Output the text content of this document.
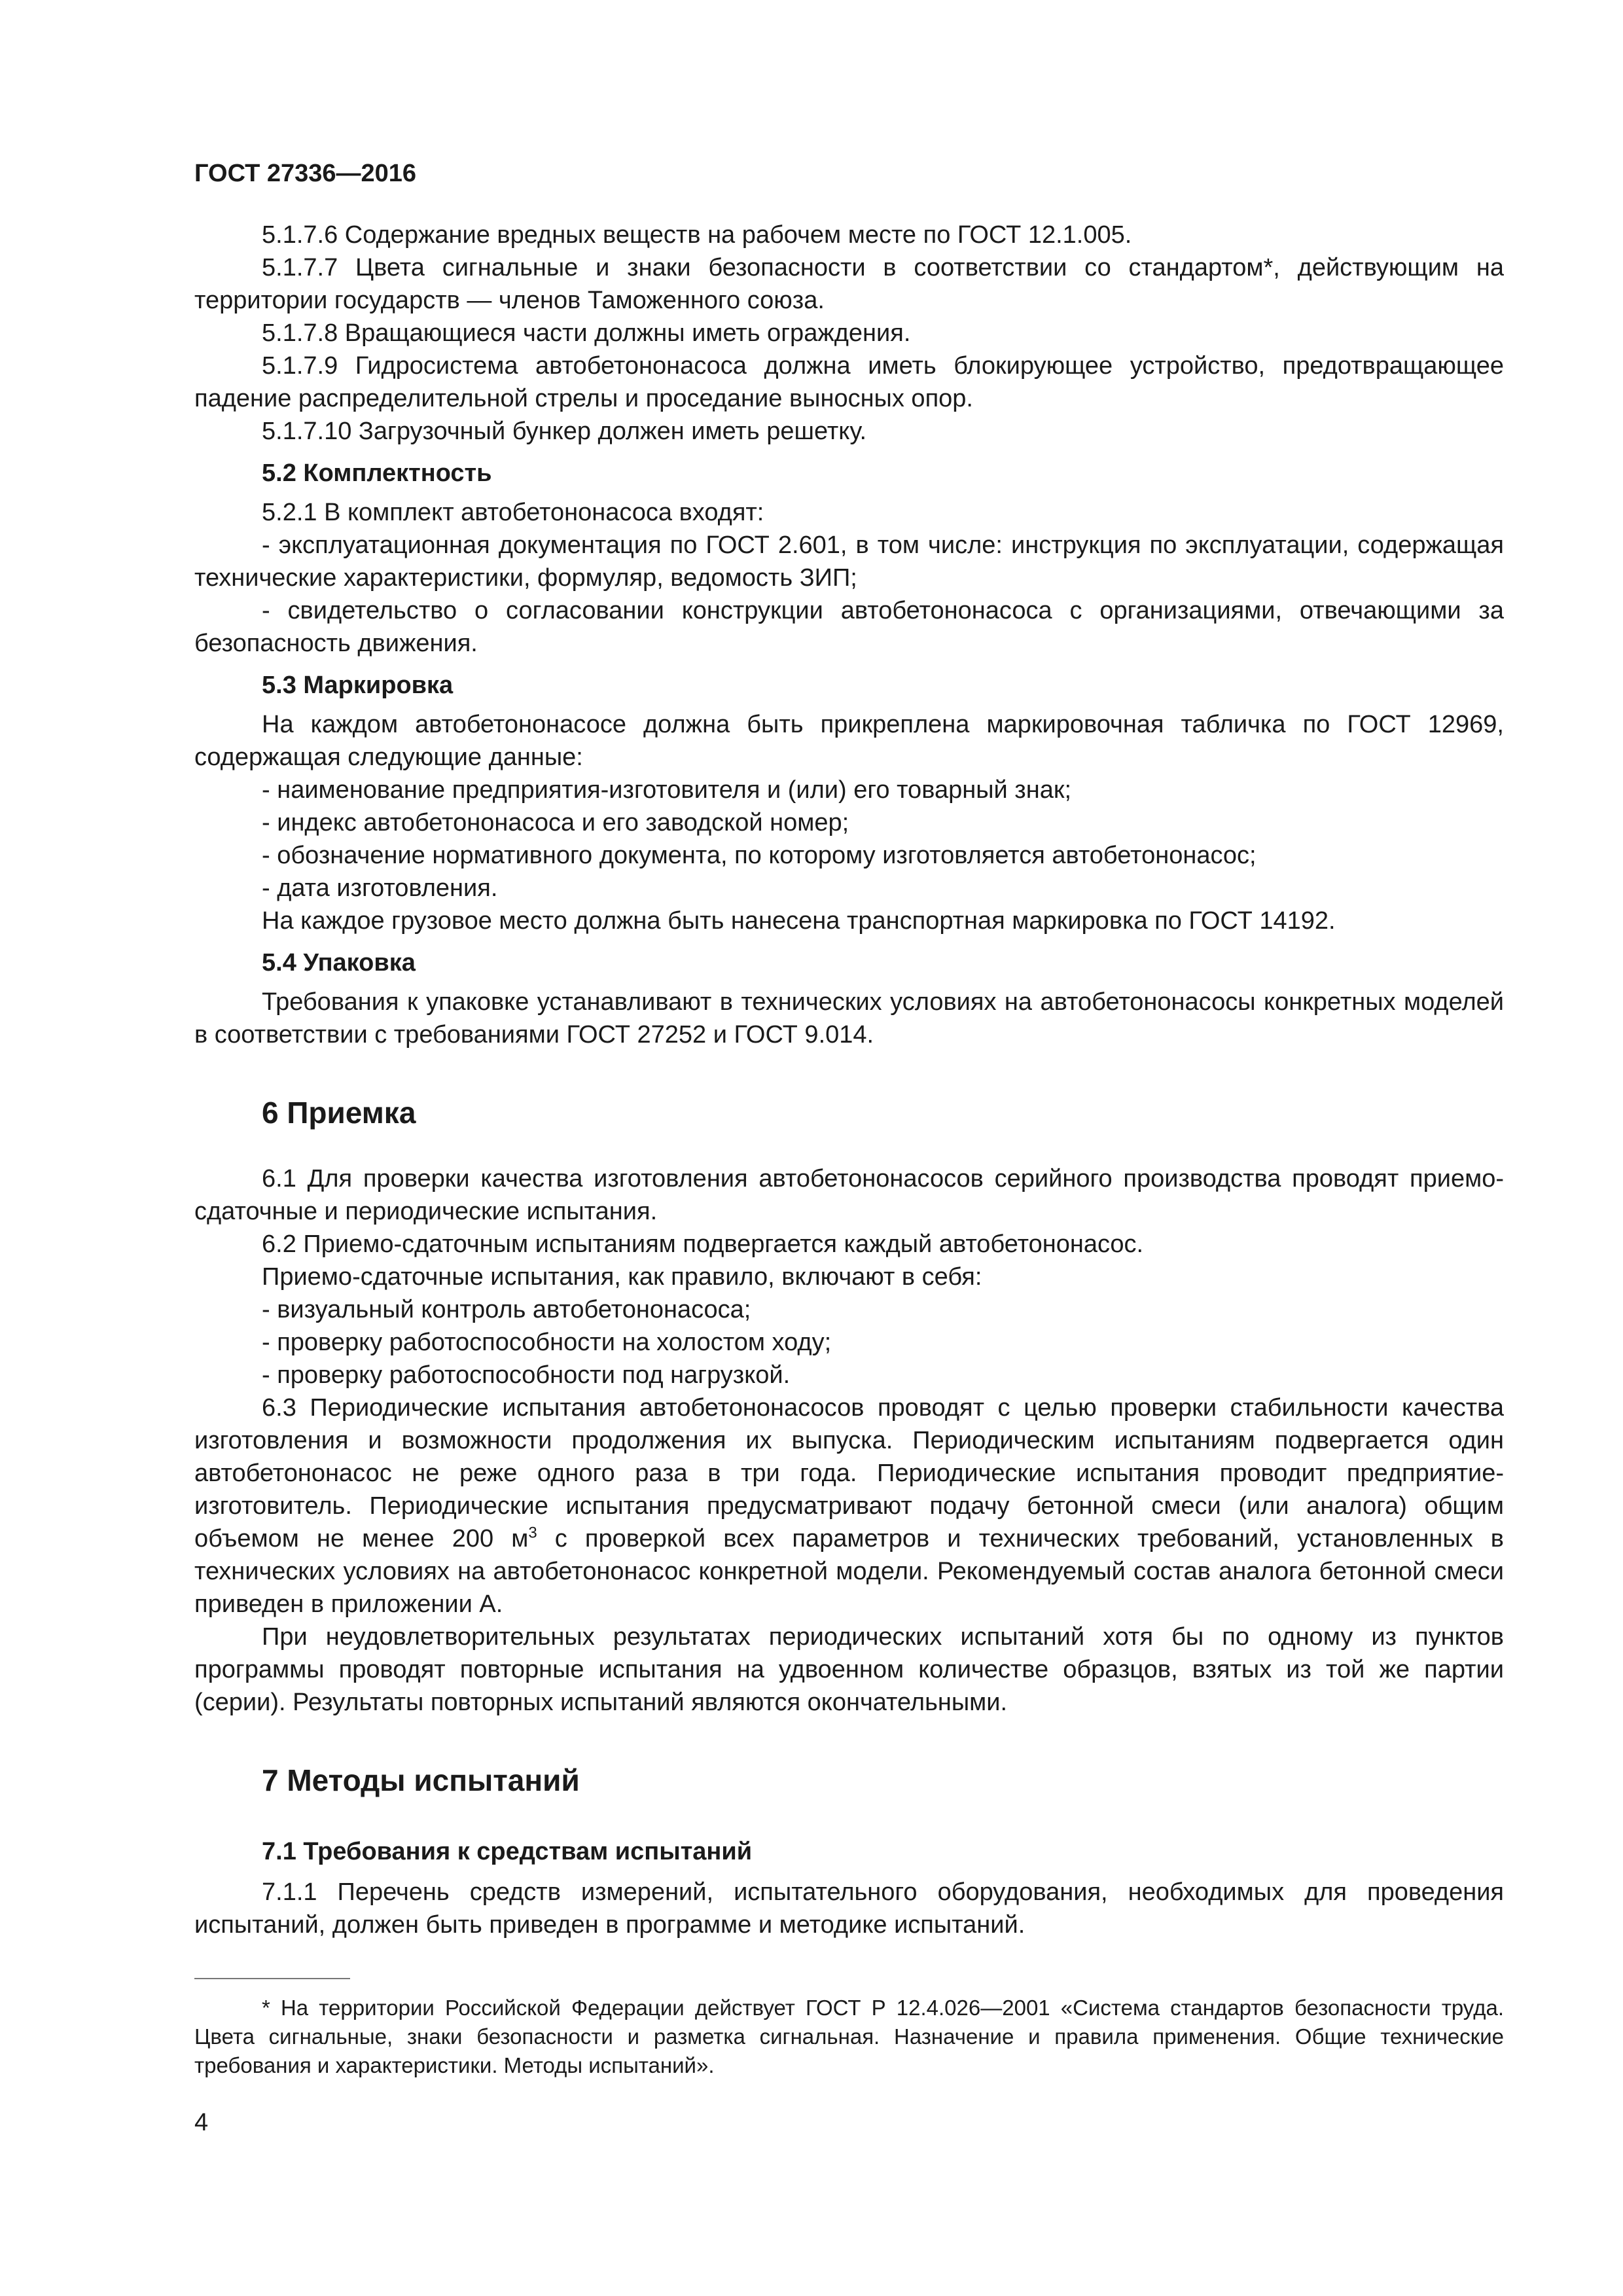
ГОСТ 27336—2016

5.1.7.6 Содержание вредных веществ на рабочем месте по ГОСТ 12.1.005.

5.1.7.7 Цвета сигнальные и знаки безопасности в соответствии со стандартом*, действующим на территории государств — членов Таможенного союза.

5.1.7.8 Вращающиеся части должны иметь ограждения.

5.1.7.9 Гидросистема автобетононасоса должна иметь блокирующее устройство, предотвращающее падение распределительной стрелы и проседание выносных опор.

5.1.7.10 Загрузочный бункер должен иметь решетку.

5.2 Комплектность

5.2.1 В комплект автобетононасоса входят:

- эксплуатационная документация по ГОСТ 2.601, в том числе: инструкция по эксплуатации, содержащая технические характеристики, формуляр, ведомость ЗИП;

- свидетельство о согласовании конструкции автобетононасоса с организациями, отвечающими за безопасность движения.

5.3 Маркировка

На каждом автобетононасосе должна быть прикреплена маркировочная табличка по ГОСТ 12969, содержащая следующие данные:

- наименование предприятия-изготовителя и (или) его товарный знак;

- индекс автобетононасоса и его заводской номер;

- обозначение нормативного документа, по которому изготовляется автобетононасос;

- дата изготовления.

На каждое грузовое место должна быть нанесена транспортная маркировка по ГОСТ 14192.

5.4 Упаковка

Требования к упаковке устанавливают в технических условиях на автобетононасосы конкретных моделей в соответствии с требованиями ГОСТ 27252 и ГОСТ 9.014.

6 Приемка

6.1 Для проверки качества изготовления автобетононасосов серийного производства проводят приемо-сдаточные и периодические испытания.

6.2 Приемо-сдаточным испытаниям подвергается каждый автобетононасос.

Приемо-сдаточные испытания, как правило, включают в себя:

- визуальный контроль автобетононасоса;

- проверку работоспособности на холостом ходу;

- проверку работоспособности под нагрузкой.

6.3 Периодические испытания автобетононасосов проводят с целью проверки стабильности качества изготовления и возможности продолжения их выпуска. Периодическим испытаниям подвергается один автобетононасос не реже одного раза в три года. Периодические испытания проводит предприятие-изготовитель. Периодические испытания предусматривают подачу бетонной смеси (или аналога) общим объемом не менее 200 $м^3$ с проверкой всех параметров и технических требований, установленных в технических условиях на автобетононасос конкретной модели. Рекомендуемый состав аналога бетонной смеси приведен в приложении А.

При неудовлетворительных результатах периодических испытаний хотя бы по одному из пунктов программы проводят повторные испытания на удвоенном количестве образцов, взятых из той же партии (серии). Результаты повторных испытаний являются окончательными.

7 Методы испытаний
7.1 Требования к средствам испытаний

7.1.1 Перечень средств измерений, испытательного оборудования, необходимых для проведения испытаний, должен быть приведен в программе и методике испытаний.

* На территории Российской Федерации действует ГОСТ Р 12.4.026—2001 «Система стандартов безопасности труда. Цвета сигнальные, знаки безопасности и разметка сигнальная. Назначение и правила применения. Общие технические требования и характеристики. Методы испытаний».

4
